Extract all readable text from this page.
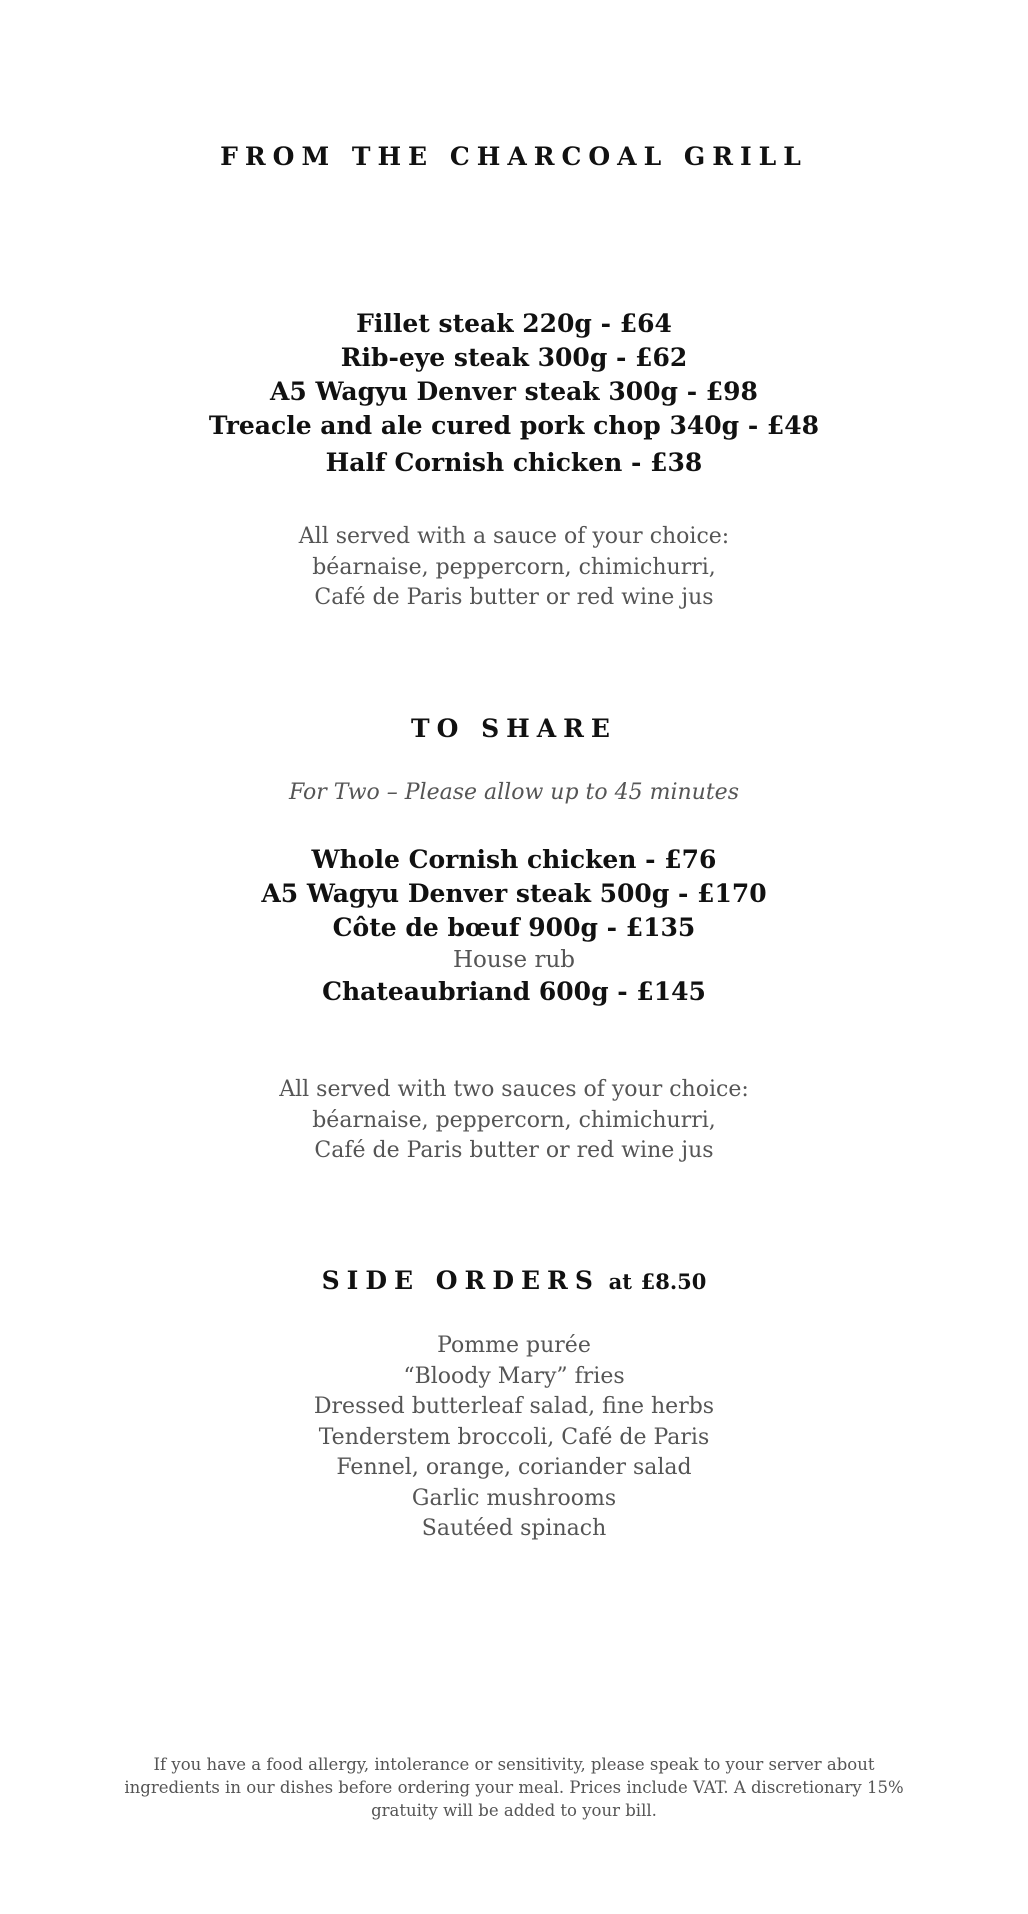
FROM THE CHARCOAL GRILL
Fillet steak 220g - £64
Rib-eye steak 300g - £62
A5 Wagyu Denver steak 300g - £98
Treacle and ale cured pork chop 340g - £48
Half Cornish chicken - £38
All served with a sauce of your choice:
béarnaise, peppercorn, chimichurri,
Café de Paris butter or red wine jus
TO SHARE
For Two – Please allow up to 45 minutes
Whole Cornish chicken - £76
A5 Wagyu Denver steak 500g - £170
Côte de bœuf 900g - £135
House rub
Chateaubriand 600g - £145
All served with two sauces of your choice:
béarnaise, peppercorn, chimichurri,
Café de Paris butter or red wine jus
SIDE ORDERS at £8.50
Pomme purée
“Bloody Mary” fries
Dressed butterleaf salad, fine herbs
Tenderstem broccoli, Café de Paris
Fennel, orange, coriander salad
Garlic mushrooms
Sautéed spinach
If you have a food allergy, intolerance or sensitivity, please speak to your server about ingredients in our dishes before ordering your meal. Prices include VAT. A discretionary 15% gratuity will be added to your bill.
